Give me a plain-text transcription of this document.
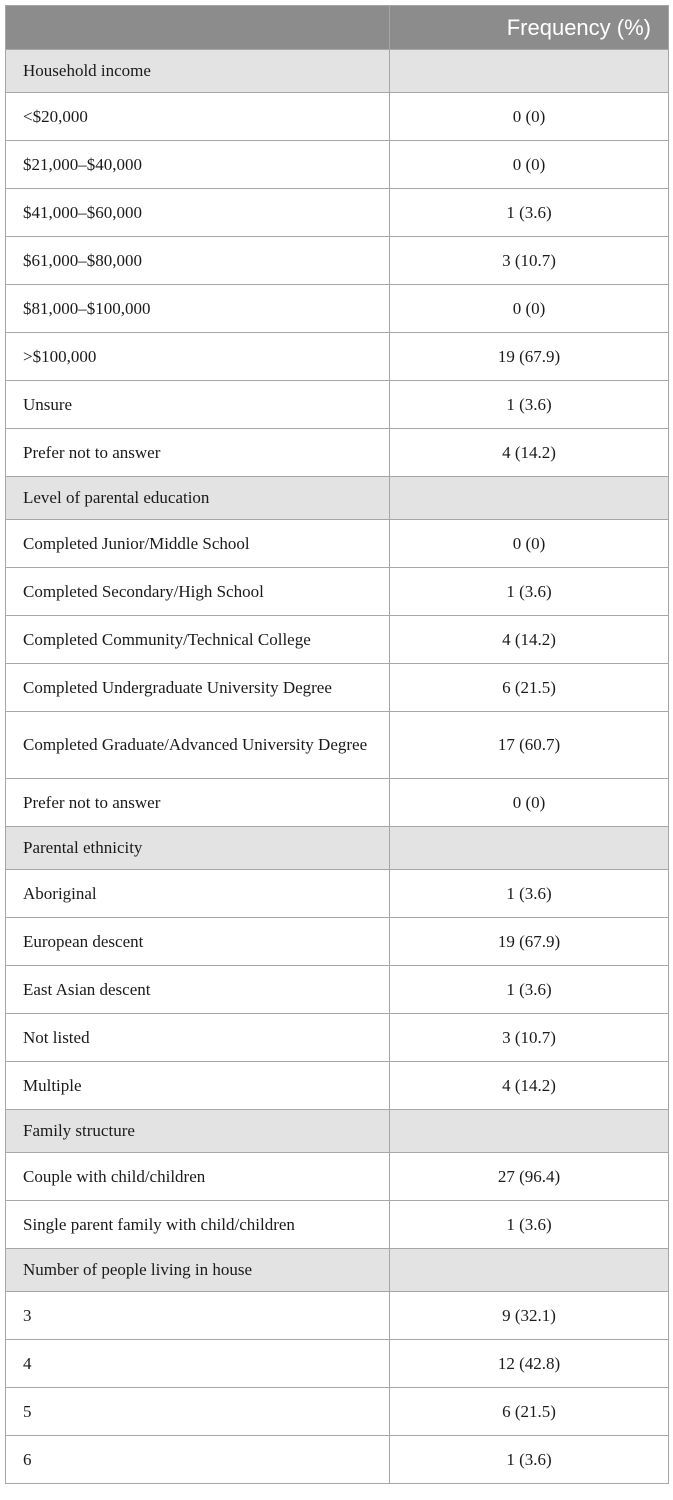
	Frequency (%)
Household income	
<$20,000	0 (0)
$21,000–$40,000	0 (0)
$41,000–$60,000	1 (3.6)
$61,000–$80,000	3 (10.7)
$81,000–$100,000	0 (0)
>$100,000	19 (67.9)
Unsure	1 (3.6)
Prefer not to answer	4 (14.2)
Level of parental education	
Completed Junior/Middle School	0 (0)
Completed Secondary/High School	1 (3.6)
Completed Community/Technical College	4 (14.2)
Completed Undergraduate University Degree	6 (21.5)
Completed Graduate/Advanced University Degree	17 (60.7)
Prefer not to answer	0 (0)
Parental ethnicity	
Aboriginal	1 (3.6)
European descent	19 (67.9)
East Asian descent	1 (3.6)
Not listed	3 (10.7)
Multiple	4 (14.2)
Family structure	
Couple with child/children	27 (96.4)
Single parent family with child/children	1 (3.6)
Number of people living in house	
3	9 (32.1)
4	12 (42.8)
5	6 (21.5)
6	1 (3.6)
